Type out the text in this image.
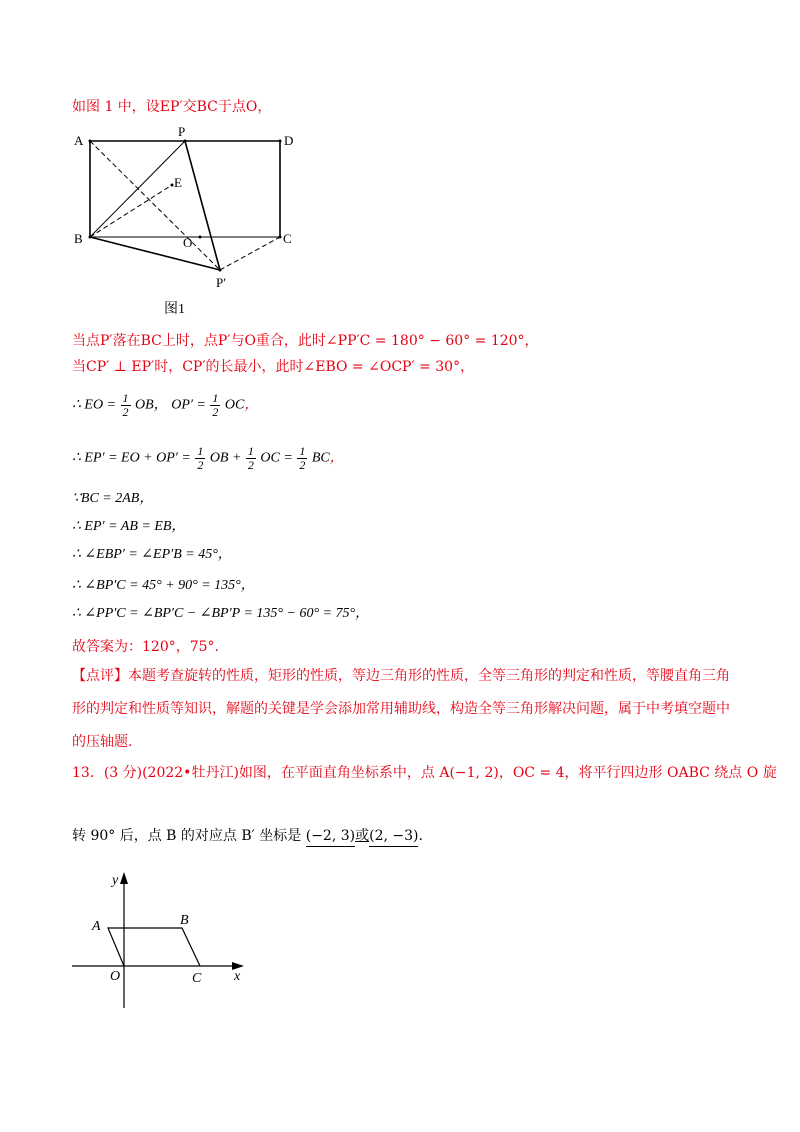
如图 1 中，设EP′交BC于点O，
A
P
D
E
B	O	C
P′
图1
当点P′落在BC上时，点P′与O重合，此时∠PP′C = 180° − 60° = 120°，
当CP′ ⊥ EP′时，CP′的长最小，此时∠EBO = ∠OCP′ = 30°，
∴ EO = $\frac{1}{2}$ OB， $OP' = \frac{1}{2}$ OC，
∴ EP′ = EO + $OP' = \frac{1}{2}$ OB + $\frac{1}{2}$ OC = $\frac{1}{2}$ BC，
∵BC = 2AB，
∴ EP′ = AB = EB，
∴ ∠EBP′ = ∠EP′B = 45°，
∴ ∠BP′C = 45° + 90° = 135°，
∴ ∠PP′C = ∠BP′C − ∠BP′P = 135° − 60° = 75°，
故答案为：120°，75°.
【点评】本题考查旋转的性质，矩形的性质，等边三角形的性质，全等三角形的判定和性质，等腰直角三角形的判定和性质等知识，解题的关键是学会添加常用辅助线，构造全等三角形解决问题，属于中考填空题中的压轴题.
13．(3 分)(2022•牡丹江)如图，在平面直角坐标系中，点 A(−1, 2)，OC = 4，将平行四边形 OABC 绕点 O 旋
转 90° 后，点 B 的对应点 B′ 坐标是 (−2, 3)或(2, −3).
y
A	B
O	C x
